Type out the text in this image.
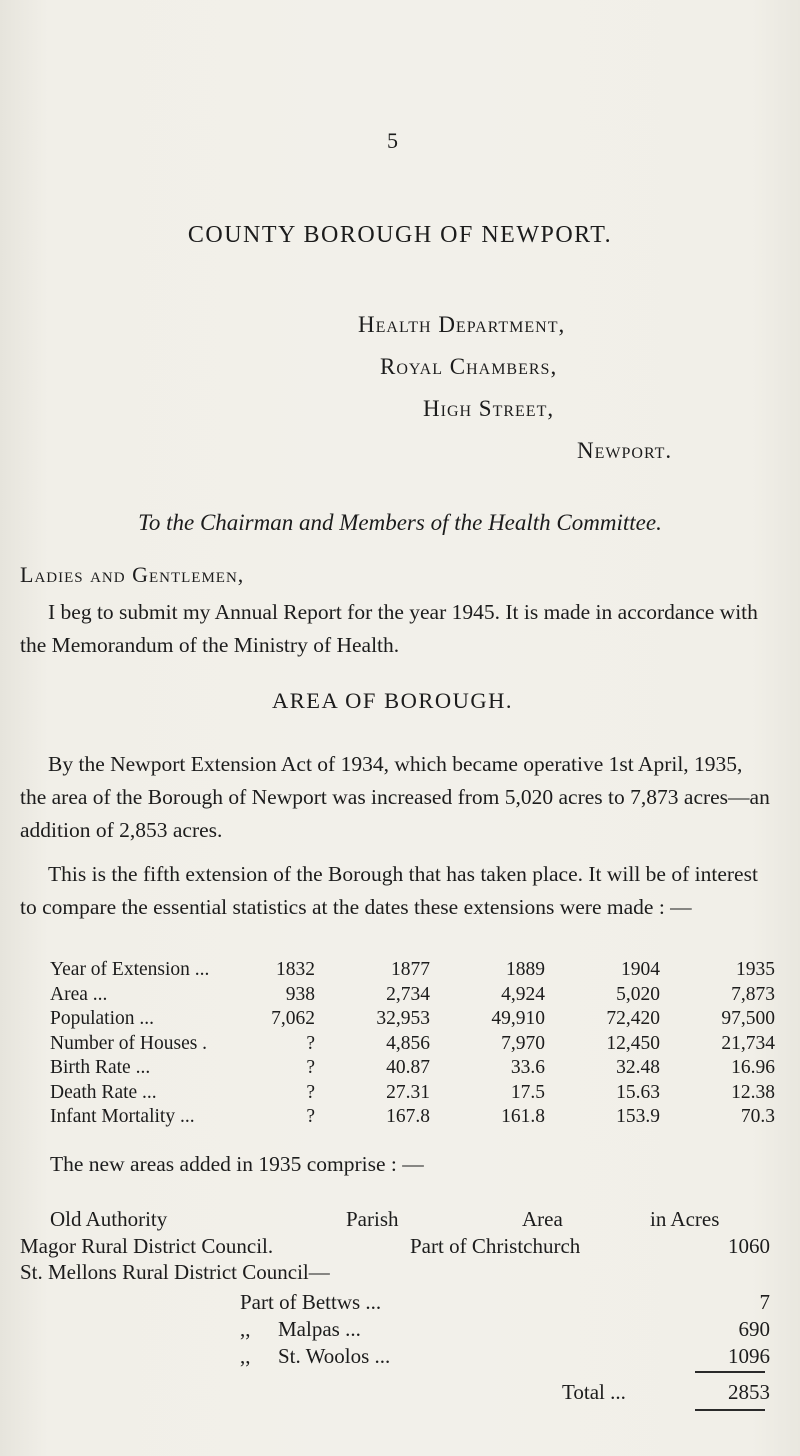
5
COUNTY BOROUGH OF NEWPORT.
Health Department,
Royal Chambers,
High Street,
Newport.
To the Chairman and Members of the Health Committee.
Ladies and Gentlemen,
I beg to submit my Annual Report for the year 1945. It is made in accordance with the Memorandum of the Ministry of Health.
AREA OF BOROUGH.
By the Newport Extension Act of 1934, which became operative 1st April, 1935, the area of the Borough of Newport was increased from 5,020 acres to 7,873 acres—an addition of 2,853 acres.
This is the fifth extension of the Borough that has taken place. It will be of interest to compare the essential statistics at the dates these extensions were made : —
Year of Extension ...	1832	1877	1889	1904	1935
Area ...	938	2,734	4,924	5,020	7,873
Population ...	7,062	32,953	49,910	72,420	97,500
Number of Houses .	?	4,856	7,970	12,450	21,734
Birth Rate ...	?	40.87	33.6	32.48	16.96
Death Rate ...	?	27.31	17.5	15.63	12.38
Infant Mortality ...	?	167.8	161.8	153.9	70.3
The new areas added in 1935 comprise : —
Old Authority	Parish	Area	in Acres
Magor Rural District Council.	Part of Christchurch	1060
St. Mellons Rural District Council—
Part of Bettws ...	7
,, Malpas ...	690
,, St. Woolos ...	1096
Total ...	2853
